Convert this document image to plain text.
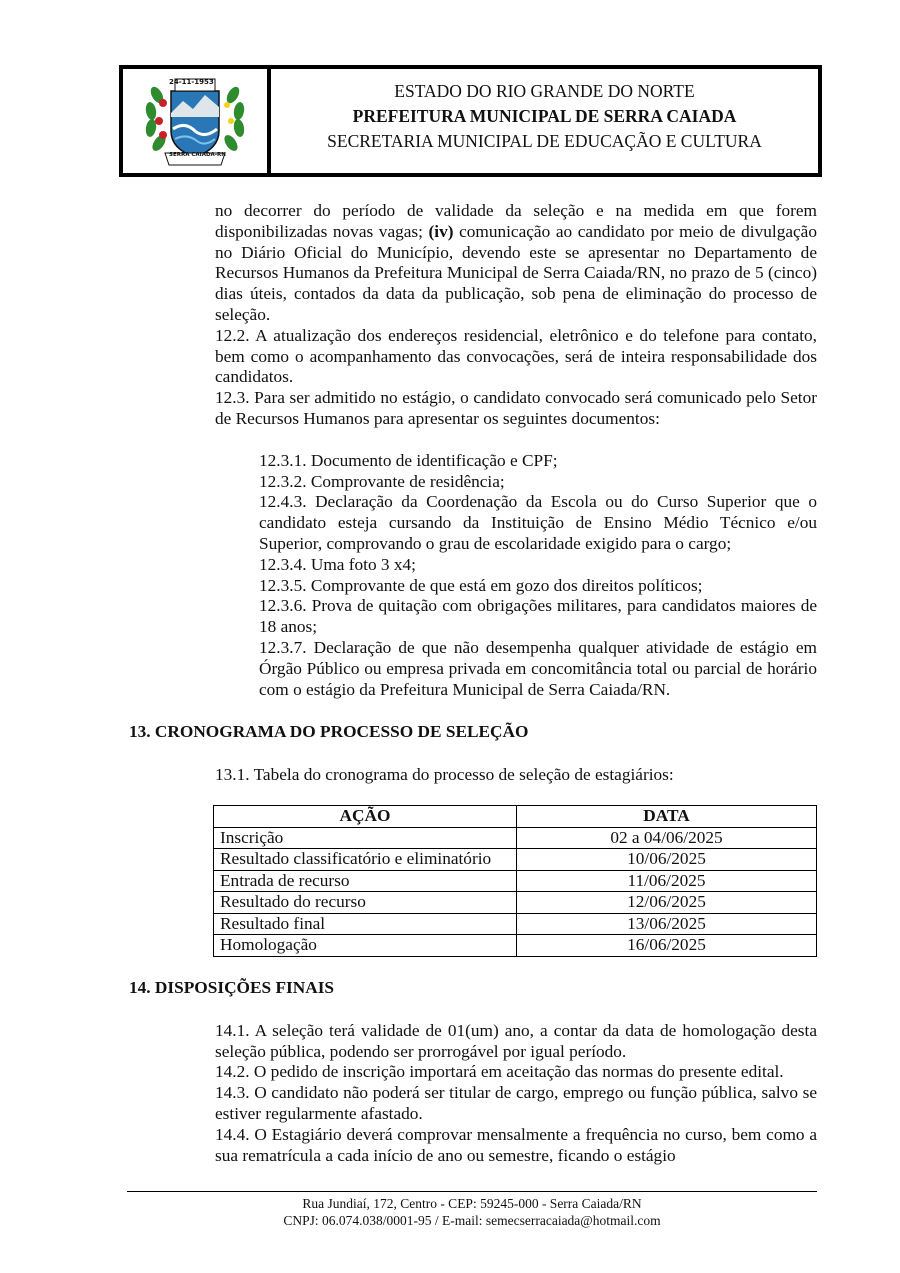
24-11-1953
SERRA CAIADA-RN
ESTADO DO RIO GRANDE DO NORTE
PREFEITURA MUNICIPAL DE SERRA CAIADA
SECRETARIA MUNICIPAL DE EDUCAÇÃO E CULTURA

no decorrer do período de validade da seleção e na medida em que forem disponibilizadas novas vagas; (iv) comunicação ao candidato por meio de divulgação no Diário Oficial do Município, devendo este se apresentar no Departamento de Recursos Humanos da Prefeitura Municipal de Serra Caiada/RN, no prazo de 5 (cinco) dias úteis, contados da data da publicação, sob pena de eliminação do processo de seleção.

12.2. A atualização dos endereços residencial, eletrônico e do telefone para contato, bem como o acompanhamento das convocações, será de inteira responsabilidade dos candidatos.

12.3. Para ser admitido no estágio, o candidato convocado será comunicado pelo Setor de Recursos Humanos para apresentar os seguintes documentos:

12.3.1. Documento de identificação e CPF;

12.3.2. Comprovante de residência;

12.4.3. Declaração da Coordenação da Escola ou do Curso Superior que o candidato esteja cursando da Instituição de Ensino Médio Técnico e/ou Superior, comprovando o grau de escolaridade exigido para o cargo;

12.3.4. Uma foto 3 x4;

12.3.5. Comprovante de que está em gozo dos direitos políticos;

12.3.6. Prova de quitação com obrigações militares, para candidatos maiores de 18 anos;

12.3.7. Declaração de que não desempenha qualquer atividade de estágio em Órgão Público ou empresa privada em concomitância total ou parcial de horário com o estágio da Prefeitura Municipal de Serra Caiada/RN.

13. CRONOGRAMA DO PROCESSO DE SELEÇÃO

13.1. Tabela do cronograma do processo de seleção de estagiários:

AÇÃO	DATA
Inscrição	02 a 04/06/2025
Resultado classificatório e eliminatório	10/06/2025
Entrada de recurso	11/06/2025
Resultado do recurso	12/06/2025
Resultado final	13/06/2025
Homologação	16/06/2025

14. DISPOSIÇÕES FINAIS

14.1. A seleção terá validade de 01(um) ano, a contar da data de homologação desta seleção pública, podendo ser prorrogável por igual período.

14.2. O pedido de inscrição importará em aceitação das normas do presente edital.

14.3. O candidato não poderá ser titular de cargo, emprego ou função pública, salvo se estiver regularmente afastado.

14.4. O Estagiário deverá comprovar mensalmente a frequência no curso, bem como a sua rematrícula a cada início de ano ou semestre, ficando o estágio

Rua Jundiaí, 172, Centro - CEP: 59245-000 - Serra Caiada/RN
CNPJ: 06.074.038/0001-95 / E-mail: semecserracaiada@hotmail.com
